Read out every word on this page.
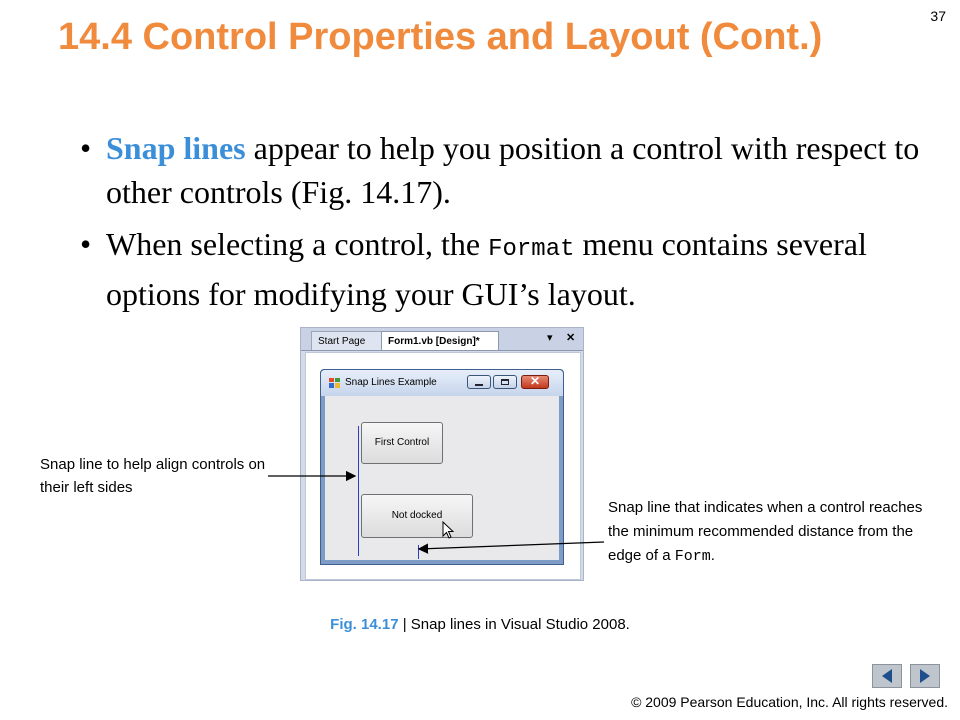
37
14.4 Control Properties and Layout (Cont.)
• Snap lines appear to help you position a control with respect to other controls (Fig. 14.17).
• When selecting a control, the Format menu contains several options for modifying your GUI’s layout.
Start Page	Form1.vb [Design]*	▾ ✕
Snap Lines Example	✕
First Control
Not docked
Snap line to help align controls on their left sides
Snap line that indicates when a control reaches the minimum recommended distance from the edge of a Form.
Fig. 14.17 | Snap lines in Visual Studio 2008.
© 2009 Pearson Education, Inc. All rights reserved.
